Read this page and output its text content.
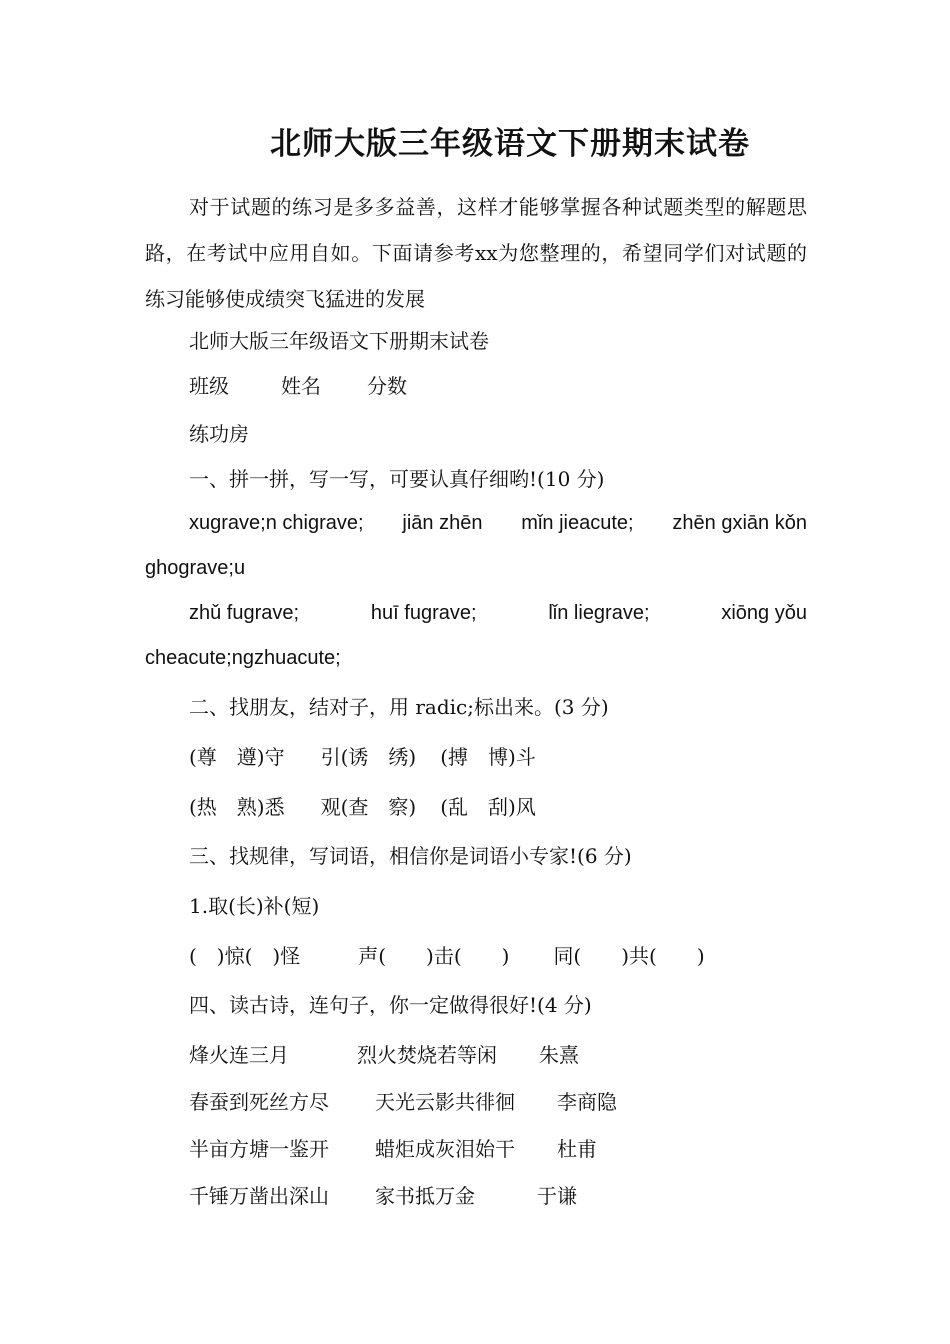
北师大版三年级语文下册期末试卷
对于试题的练习是多多益善，这样才能够掌握各种试题类型的解题思路，在考试中应用自如。下面请参考xx为您整理的，希望同学们对试题的练习能够使成绩突飞猛进的发展
北师大版三年级语文下册期末试卷
班级	姓名 分数
练功房
一、拼一拼，写一写，可要认真仔细哟!(10 分)
xugrave;n chigrave; jiān zhēn mǐn jieacute; zhēn gxiān kǒn
ghograve;u
zhǔ fugrave;	huī fugrave;	lǐn liegrave;	xiōng yǒu
cheacute;ngzhuacute;
二、找朋友，结对子，用 radic;标出来。(3 分)
(尊　遵)守 引(诱　绣) (搏　博)斗
(热　熟)悉 观(查　察) (乱　刮)风
三、找规律，写词语，相信你是词语小专家!(6 分)
1.取(长)补(短)
(　)惊(　)怪	声(　　)击(　　) 同(　　)共(　　)
四、读古诗，连句子，你一定做得很好!(4 分)
烽火连三月	烈火焚烧若等闲 朱熹
春蚕到死丝方尽 天光云影共徘徊 李商隐
半亩方塘一鉴开 蜡炬成灰泪始干 杜甫
千锤万凿出深山 家书抵万金	于谦
